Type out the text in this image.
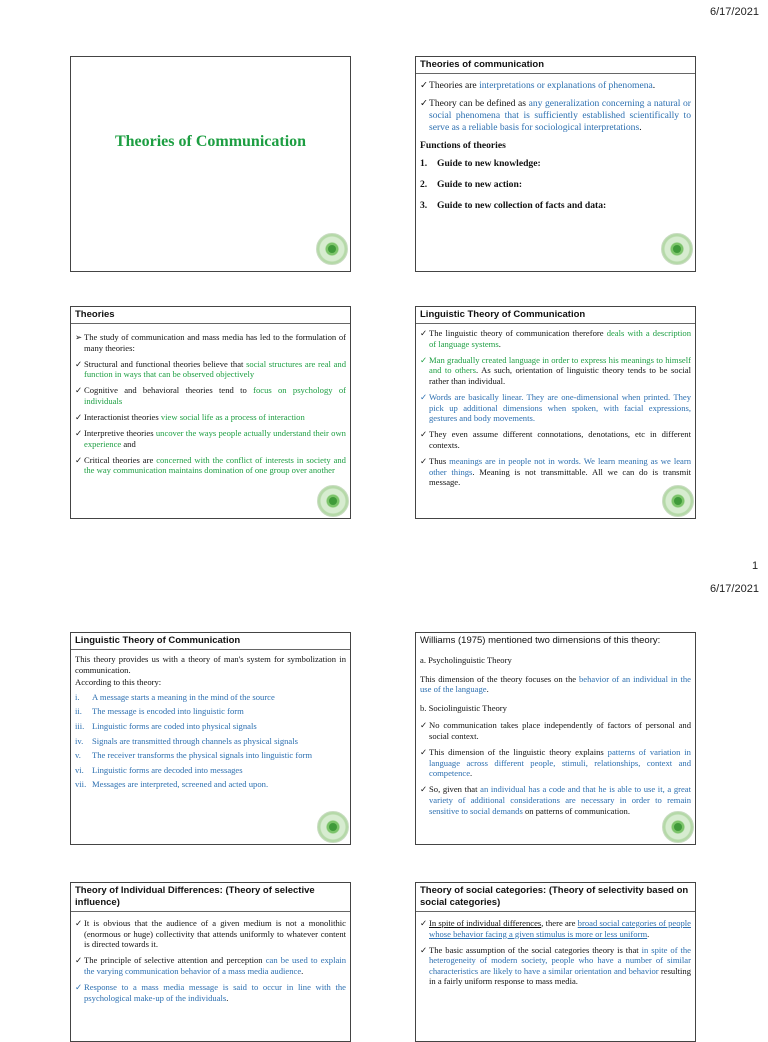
6/17/2021
Theories of Communication
Theories of communication
✓ Theories are interpretations or explanations of phenomena.
✓ Theory can be defined as any generalization concerning a natural or social phenomena that is sufficiently established scientifically to serve as a reliable basis for sociological interpretations.
Functions of theories
1. Guide to new knowledge:
2. Guide to new action:
3. Guide to new collection of facts and data:
Theories
➢ The study of communication and mass media has led to the formulation of many theories:
✓ Structural and functional theories believe that social structures are real and function in ways that can be observed objectively
✓ Cognitive and behavioral theories tend to focus on psychology of individuals
✓ Interactionist theories view social life as a process of interaction
✓ Interpretive theories uncover the ways people actually understand their own experience and
✓ Critical theories are concerned with the conflict of interests in society and the way communication maintains domination of one group over another
Linguistic Theory of Communication
✓ The linguistic theory of communication therefore deals with a description of language systems.
✓ Man gradually created language in order to express his meanings to himself and to others. As such, orientation of linguistic theory tends to be social rather than individual.
✓ Words are basically linear. They are one-dimensional when printed. They pick up additional dimensions when spoken, with facial expressions, gestures and body movements.
✓ They even assume different connotations, denotations, etc in different contexts.
✓ Thus meanings are in people not in words. We learn meaning as we learn other things. Meaning is not transmittable. All we can do is transmit message.
1
6/17/2021
Linguistic Theory of Communication
This theory provides us with a theory of man's system for symbolization in communication.
According to this theory:
i. A message starts a meaning in the mind of the source
ii. The message is encoded into linguistic form
iii. Linguistic forms are coded into physical signals
iv. Signals are transmitted through channels as physical signals
v. The receiver transforms the physical signals into linguistic form
vi. Linguistic forms are decoded into messages
vii. Messages are interpreted, screened and acted upon.
Williams (1975) mentioned two dimensions of this theory:
a. Psycholinguistic Theory
This dimension of the theory focuses on the behavior of an individual in the use of the language.
b. Sociolinguistic Theory
✓ No communication takes place independently of factors of personal and social context.
✓ This dimension of the linguistic theory explains patterns of variation in language across different people, stimuli, relationships, context and competence.
✓ So, given that an individual has a code and that he is able to use it, a great variety of additional considerations are necessary in order to remain sensitive to social demands on patterns of communication.
Theory of Individual Differences: (Theory of selective influence)
✓ It is obvious that the audience of a given medium is not a monolithic (enormous or huge) collectivity that attends uniformly to whatever content is directed towards it.
✓ The principle of selective attention and perception can be used to explain the varying communication behavior of a mass media audience.
✓ Response to a mass media message is said to occur in line with the psychological make-up of the individuals.
Theory of social categories: (Theory of selectivity based on social categories)
✓ In spite of individual differences, there are broad social categories of people whose behavior facing a given stimulus is more or less uniform.
✓ The basic assumption of the social categories theory is that in spite of the heterogeneity of modern society, people who have a number of similar characteristics are likely to have a similar orientation and behavior resulting in a fairly uniform response to mass media.
